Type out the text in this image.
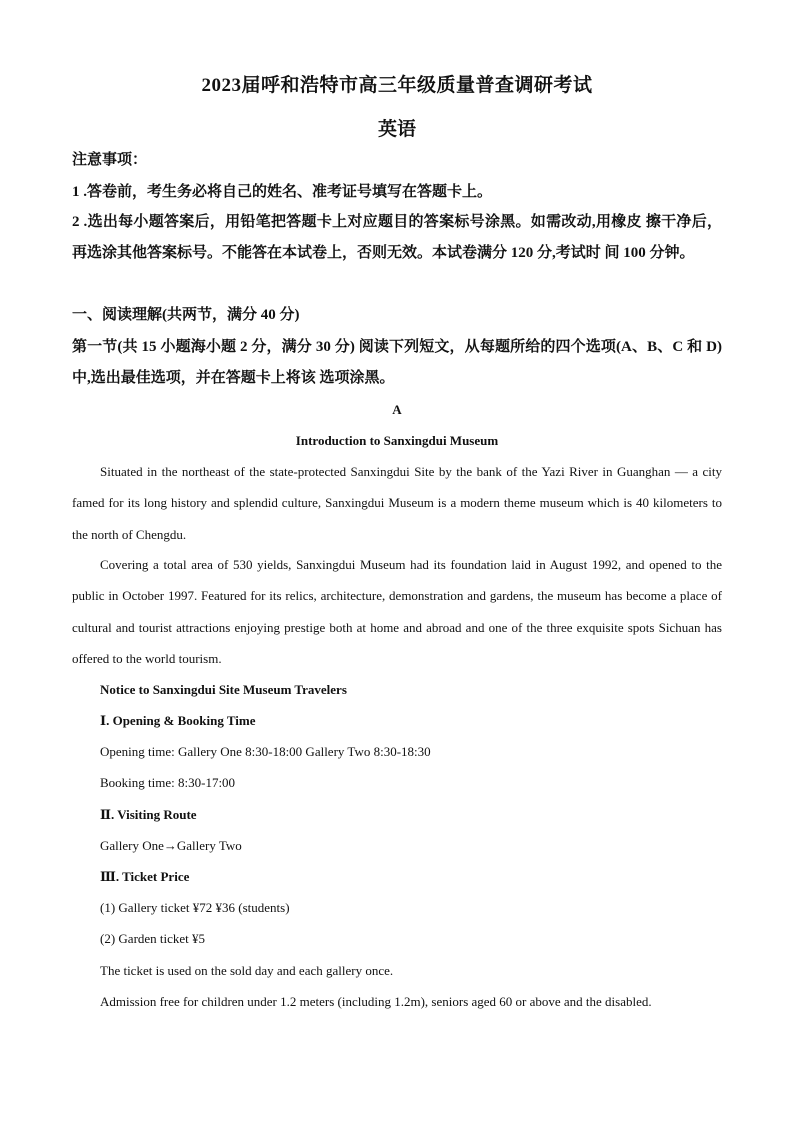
2023届呼和浩特市高三年级质量普查调研考试
英语
注意事项：
1 .答卷前，考生务必将自己的姓名、准考证号填写在答题卡上。
2 .选出每小题答案后，用铅笔把答题卡上对应题目的答案标号涂黑。如需改动,用橡皮 擦干净后，再选涂其他答案标号。不能答在本试卷上，否则无效。本试卷满分 120 分,考试时 间 100 分钟。
一、阅读理解(共两节，满分 40 分)
第一节(共 15 小题海小题 2 分，满分 30 分) 阅读下列短文，从每题所给的四个选项(A、B、C 和 D)中,选出最佳选项，并在答题卡上将该 选项涂黑。
A
Introduction to Sanxingdui Museum
Situated in the northeast of the state-protected Sanxingdui Site by the bank of the Yazi River in Guanghan — a city famed for its long history and splendid culture, Sanxingdui Museum is a modern theme museum which is 40 kilometers to the north of Chengdu.
Covering a total area of 530 yields, Sanxingdui Museum had its foundation laid in August 1992, and opened to the public in October 1997. Featured for its relics, architecture, demonstration and gardens, the museum has become a place of cultural and tourist attractions enjoying prestige both at home and abroad and one of the three exquisite spots Sichuan has offered to the world tourism.
Notice to Sanxingdui Site Museum Travelers
Ⅰ. Opening & Booking Time
Opening time: Gallery One 8:30-18:00 Gallery Two 8:30-18:30
Booking time: 8:30-17:00
Ⅱ. Visiting Route
Gallery One→Gallery Two
Ⅲ. Ticket Price
(1) Gallery ticket ¥72 ¥36 (students)
(2) Garden ticket ¥5
The ticket is used on the sold day and each gallery once.
Admission free for children under 1.2 meters (including 1.2m), seniors aged 60 or above and the disabled.
